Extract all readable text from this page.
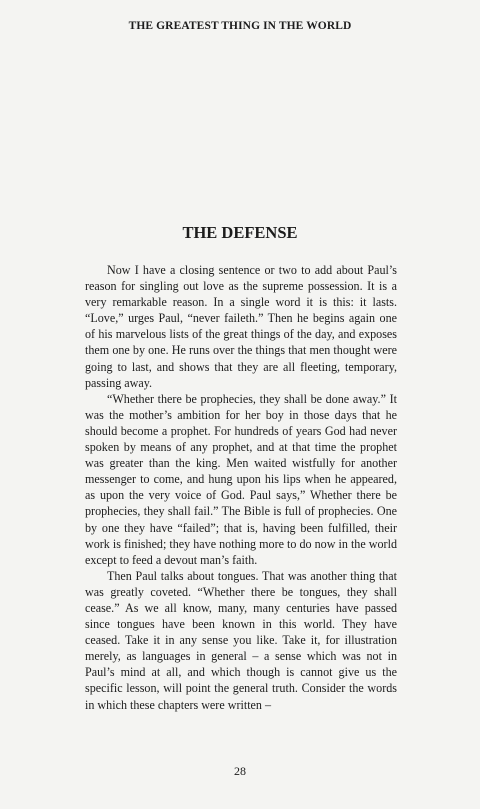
THE GREATEST THING IN THE WORLD
THE DEFENSE

Now I have a closing sentence or two to add about Paul’s reason for singling out love as the supreme possession. It is a very remarkable reason. In a single word it is this: it lasts. “Love,” urges Paul, “never faileth.” Then he begins again one of his marvelous lists of the great things of the day, and exposes them one by one. He runs over the things that men thought were going to last, and shows that they are all fleeting, temporary, passing away.

“Whether there be prophecies, they shall be done away.” It was the mother’s ambition for her boy in those days that he should become a prophet. For hundreds of years God had never spoken by means of any prophet, and at that time the prophet was greater than the king. Men waited wistfully for another messenger to come, and hung upon his lips when he appeared, as upon the very voice of God. Paul says,” Whether there be prophecies, they shall fail.” The Bible is full of prophecies. One by one they have “failed”; that is, having been fulfilled, their work is finished; they have nothing more to do now in the world except to feed a devout man’s faith.

Then Paul talks about tongues. That was another thing that was greatly coveted. “Whether there be tongues, they shall cease.” As we all know, many, many centuries have passed since tongues have been known in this world. They have ceased. Take it in any sense you like. Take it, for illustration merely, as languages in general – a sense which was not in Paul’s mind at all, and which though is cannot give us the specific lesson, will point the general truth. Consider the words in which these chapters were written –

28
